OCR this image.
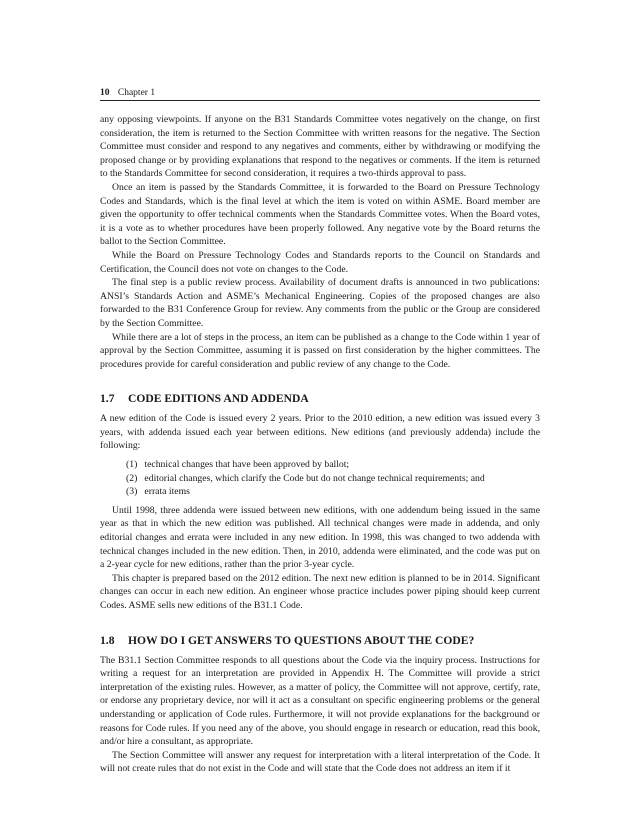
10 Chapter 1

any opposing viewpoints. If anyone on the B31 Standards Committee votes negatively on the change, on first consideration, the item is returned to the Section Committee with written reasons for the negative. The Section Committee must consider and respond to any negatives and comments, either by withdrawing or modifying the proposed change or by providing explanations that respond to the negatives or comments. If the item is returned to the Standards Committee for second consideration, it requires a two-thirds approval to pass.

Once an item is passed by the Standards Committee, it is forwarded to the Board on Pressure Technology Codes and Standards, which is the final level at which the item is voted on within ASME. Board member are given the opportunity to offer technical comments when the Standards Committee votes. When the Board votes, it is a vote as to whether procedures have been properly followed. Any negative vote by the Board returns the ballot to the Section Committee.

While the Board on Pressure Technology Codes and Standards reports to the Council on Standards and Certification, the Council does not vote on changes to the Code.

The final step is a public review process. Availability of document drafts is announced in two publications: ANSI’s Standards Action and ASME’s Mechanical Engineering. Copies of the proposed changes are also forwarded to the B31 Conference Group for review. Any comments from the public or the Group are considered by the Section Committee.

While there are a lot of steps in the process, an item can be published as a change to the Code within 1 year of approval by the Section Committee, assuming it is passed on first consideration by the higher committees. The procedures provide for careful consideration and public review of any change to the Code.

1.7 CODE EDITIONS AND ADDENDA

A new edition of the Code is issued every 2 years. Prior to the 2010 edition, a new edition was issued every 3 years, with addenda issued each year between editions. New editions (and previously addenda) include the following:

(1) technical changes that have been approved by ballot;
(2) editorial changes, which clarify the Code but do not change technical requirements; and
(3) errata items

Until 1998, three addenda were issued between new editions, with one addendum being issued in the same year as that in which the new edition was published. All technical changes were made in addenda, and only editorial changes and errata were included in any new edition. In 1998, this was changed to two addenda with technical changes included in the new edition. Then, in 2010, addenda were eliminated, and the code was put on a 2-year cycle for new editions, rather than the prior 3-year cycle.

This chapter is prepared based on the 2012 edition. The next new edition is planned to be in 2014. Significant changes can occur in each new edition. An engineer whose practice includes power piping should keep current Codes. ASME sells new editions of the B31.1 Code.

1.8 HOW DO I GET ANSWERS TO QUESTIONS ABOUT THE CODE?

The B31.1 Section Committee responds to all questions about the Code via the inquiry process. Instructions for writing a request for an interpretation are provided in Appendix H. The Committee will provide a strict interpretation of the existing rules. However, as a matter of policy, the Committee will not approve, certify, rate, or endorse any proprietary device, nor will it act as a consultant on specific engineering problems or the general understanding or application of Code rules. Furthermore, it will not provide explanations for the background or reasons for Code rules. If you need any of the above, you should engage in research or education, read this book, and/or hire a consultant, as appropriate.

The Section Committee will answer any request for interpretation with a literal interpretation of the Code. It will not create rules that do not exist in the Code and will state that the Code does not address an item if it
